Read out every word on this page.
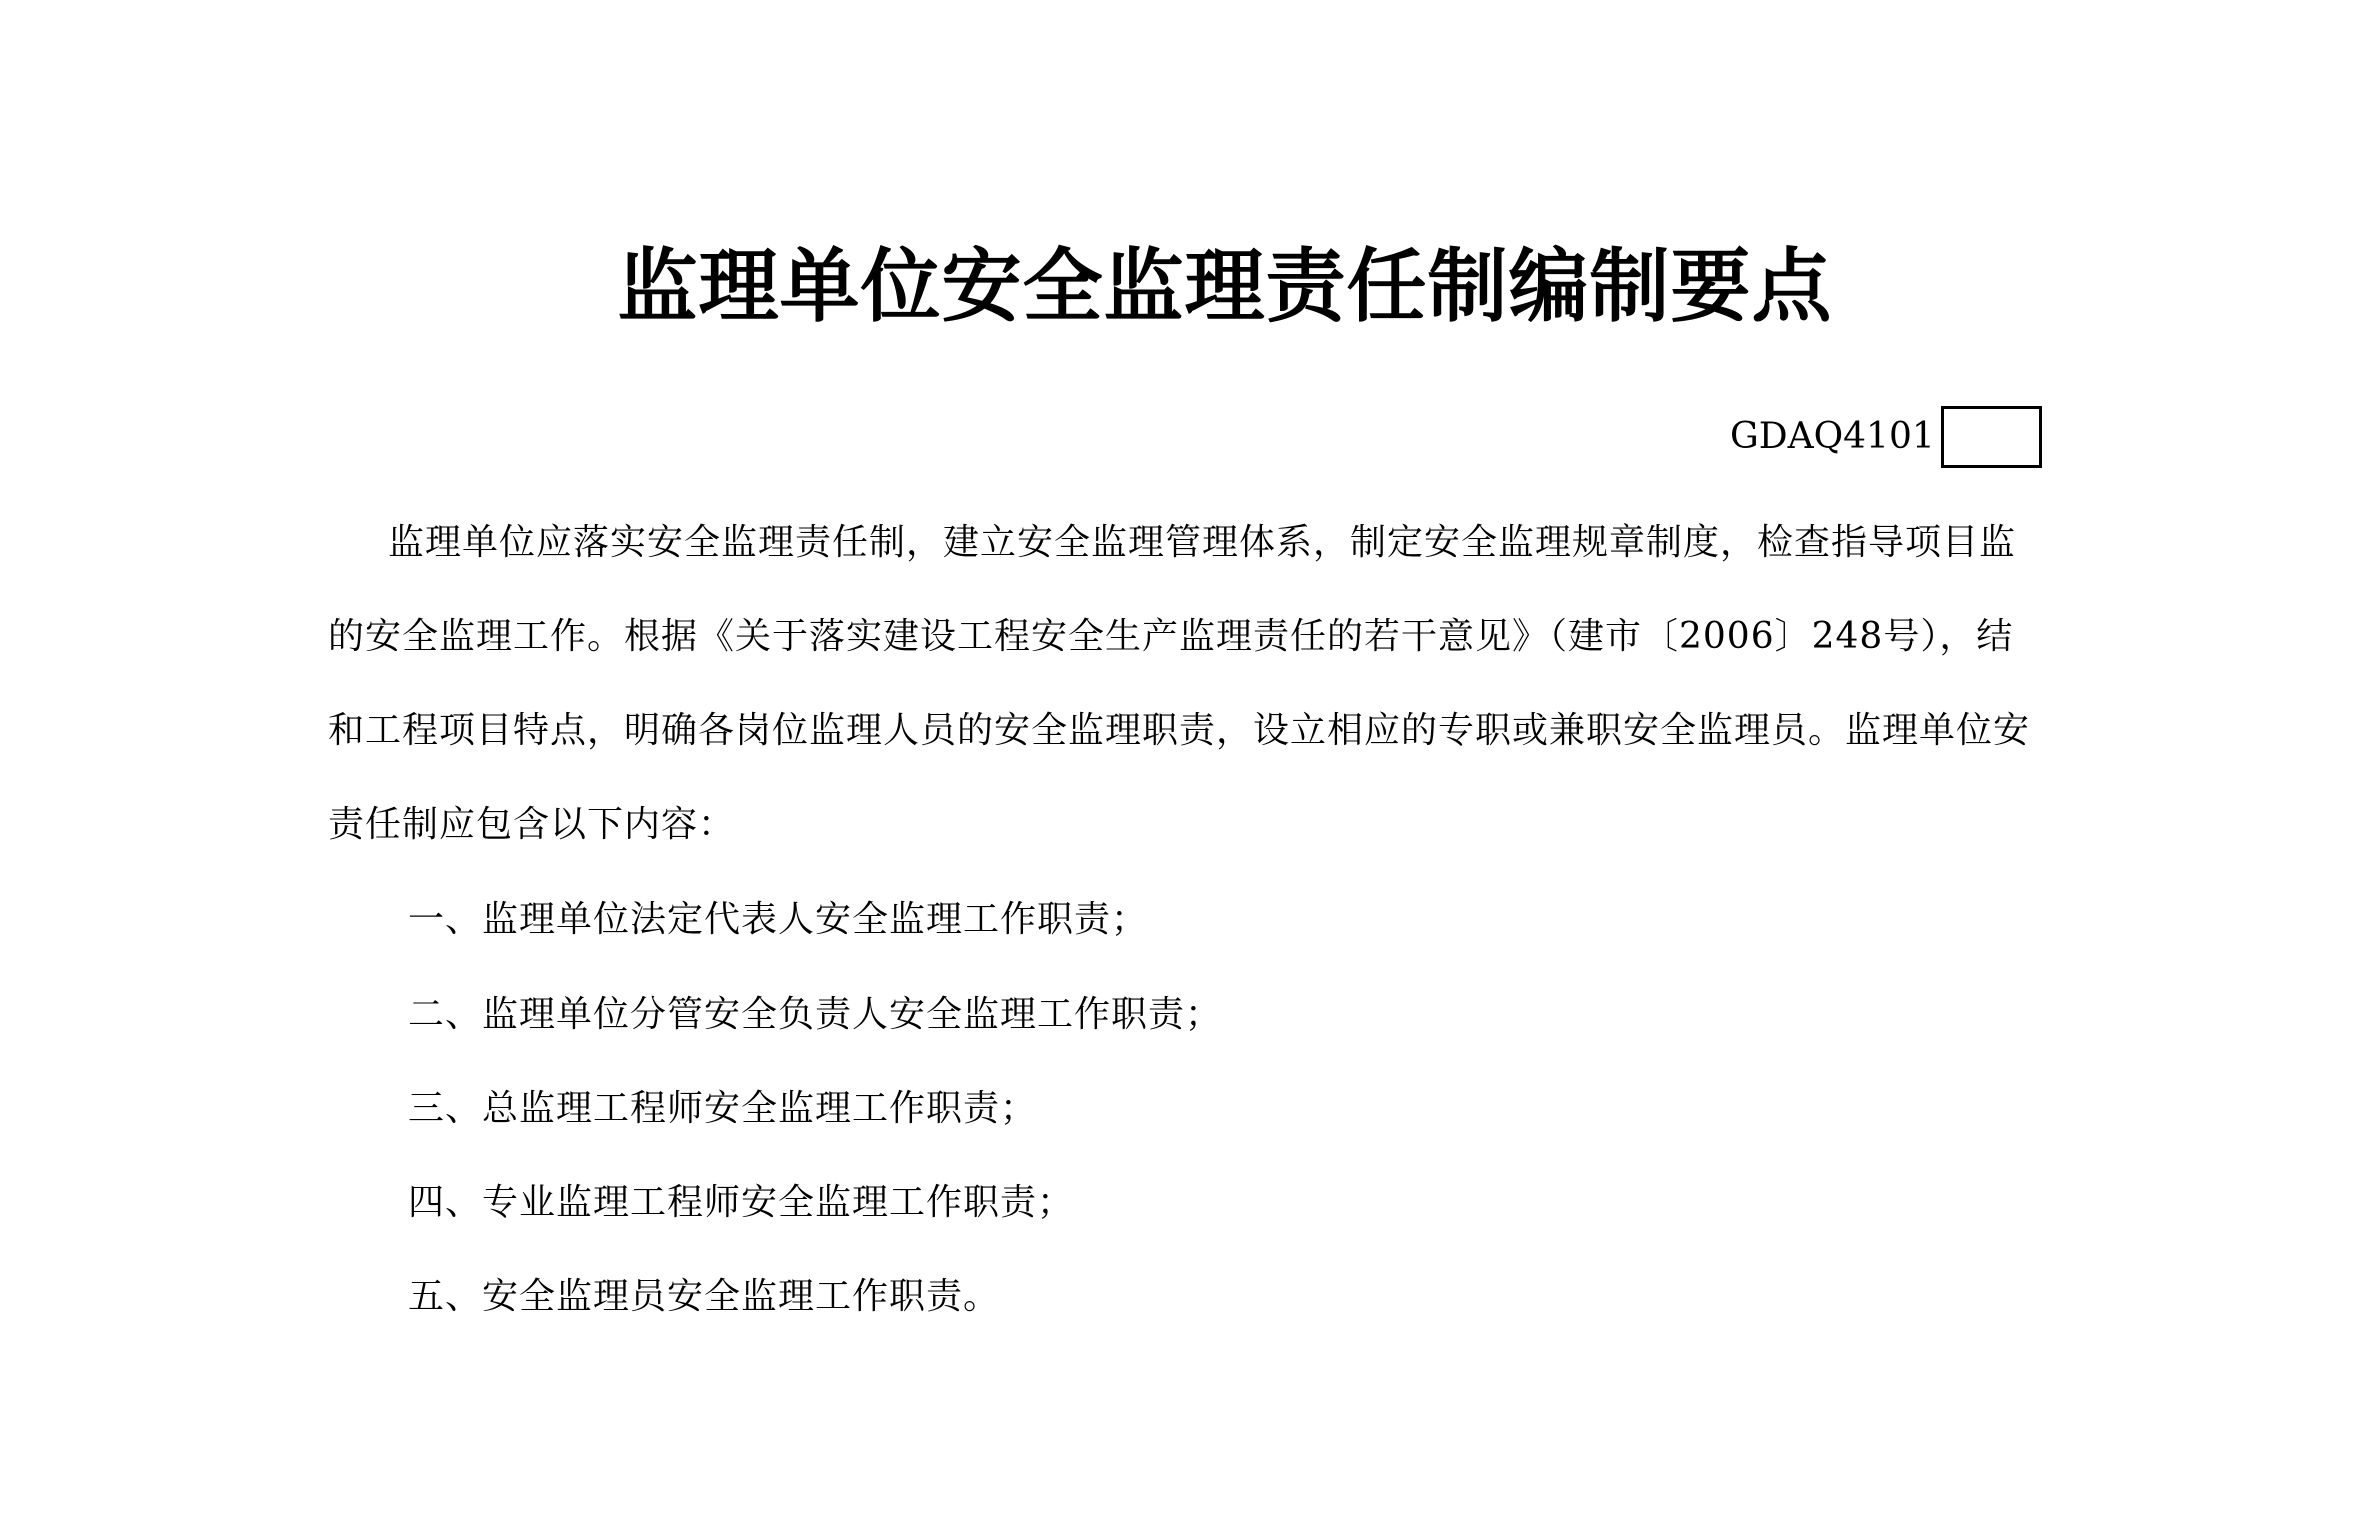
监理单位安全监理责任制编制要点
GDAQ4101
监理单位应落实安全监理责任制，建立安全监理管理体系，制定安全监理规章制度，检查指导项目监
的安全监理工作。根据《关于落实建设工程安全生产监理责任的若干意见》（建市〔2006〕248号），结
和工程项目特点，明确各岗位监理人员的安全监理职责，设立相应的专职或兼职安全监理员。监理单位安
责任制应包含以下内容：
一、监理单位法定代表人安全监理工作职责；
二、监理单位分管安全负责人安全监理工作职责；
三、总监理工程师安全监理工作职责；
四、专业监理工程师安全监理工作职责；
五、安全监理员安全监理工作职责。
